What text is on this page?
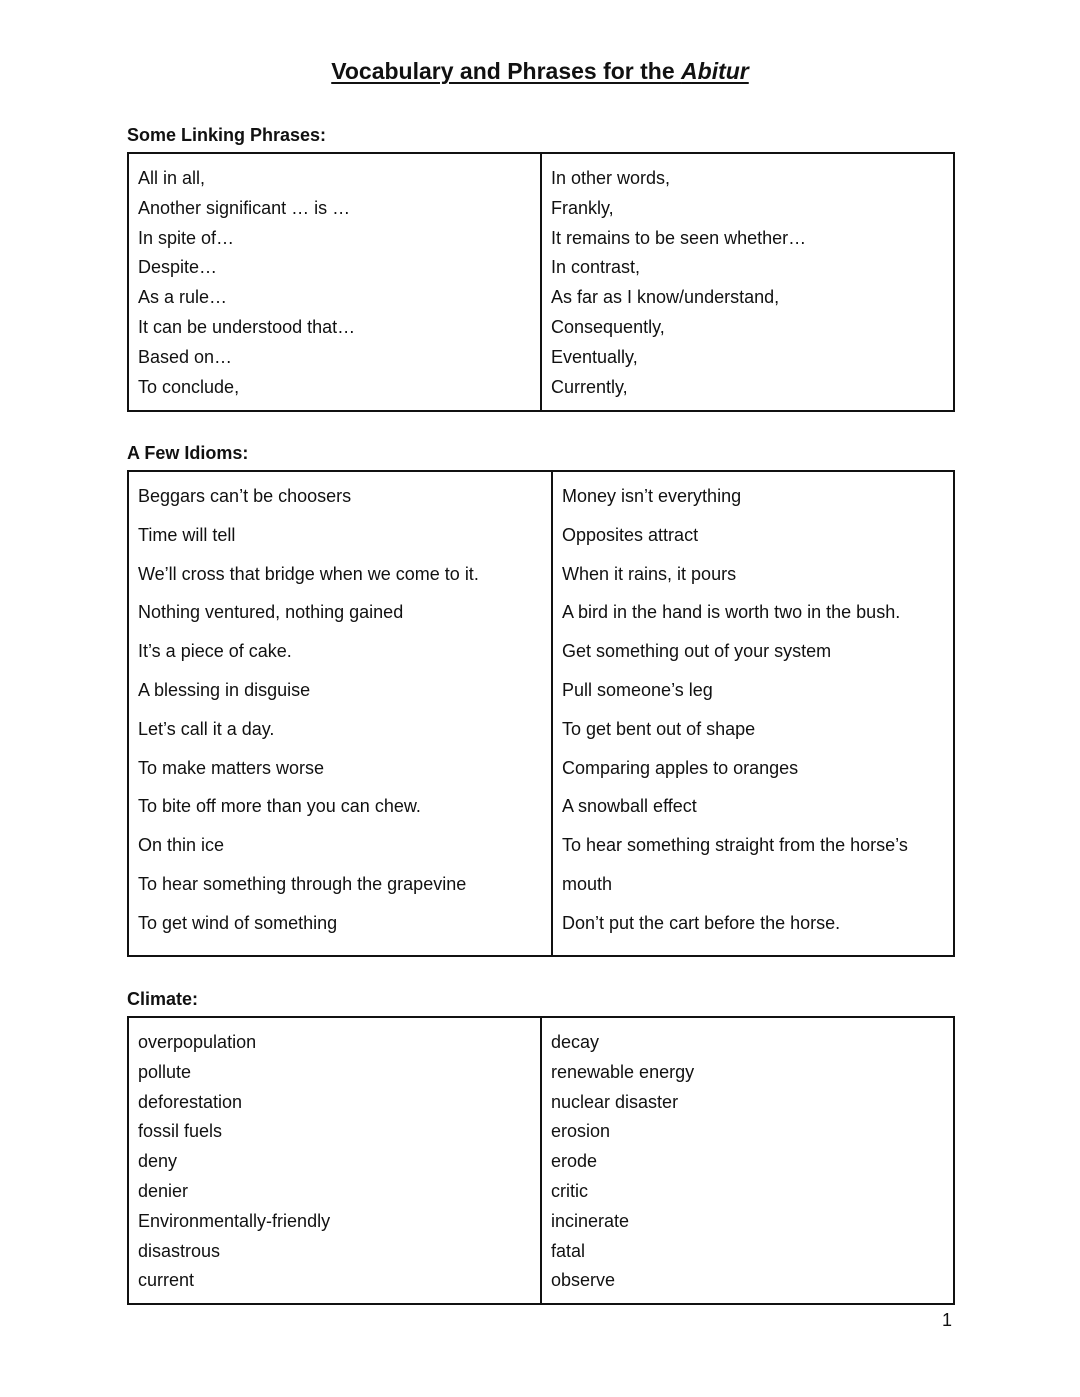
Vocabulary and Phrases for the Abitur
Some Linking Phrases:
All in all,
Another significant … is …
In spite of…
Despite…
As a rule…
It can be understood that…
Based on…
To conclude,
In other words,
Frankly,
It remains to be seen whether…
In contrast,
As far as I know/understand,
Consequently,
Eventually,
Currently,
A Few Idioms:
Beggars can’t be choosers
Time will tell
We’ll cross that bridge when we come to it.
Nothing ventured, nothing gained
It’s a piece of cake.
A blessing in disguise
Let’s call it a day.
To make matters worse
To bite off more than you can chew.
On thin ice
To hear something through the grapevine
To get wind of something
Money isn’t everything
Opposites attract
When it rains, it pours
A bird in the hand is worth two in the bush.
Get something out of your system
Pull someone’s leg
To get bent out of shape
Comparing apples to oranges
A snowball effect
To hear something straight from the horse’s
mouth
Don’t put the cart before the horse.
Climate:
overpopulation
pollute
deforestation
fossil fuels
deny
denier
Environmentally-friendly
disastrous
current
decay
renewable energy
nuclear disaster
erosion
erode
critic
incinerate
fatal
observe
1
